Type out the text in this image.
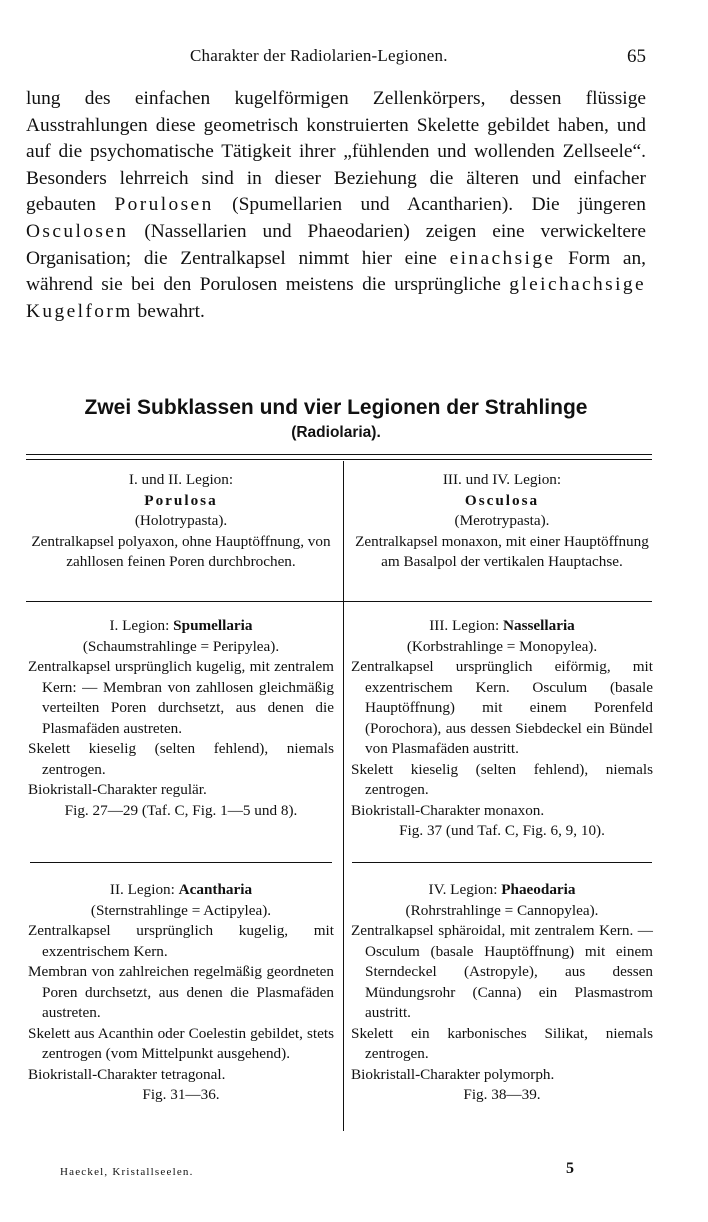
Charakter der Radiolarien-Legionen.	65

lung des einfachen kugelförmigen Zellenkörpers, dessen flüssige Ausstrahlungen diese geometrisch konstruierten Skelette gebildet haben, und auf die psychomatische Tätigkeit ihrer „fühlenden und wollenden Zellseele“. Besonders lehrreich sind in dieser Beziehung die älteren und einfacher gebauten Porulosen (Spumellarien und Acantharien). Die jüngeren Osculosen (Nassellarien und Phaeodarien) zeigen eine verwickeltere Organisation; die Zentralkapsel nimmt hier eine einachsige Form an, während sie bei den Porulosen meistens die ursprüngliche gleichachsige Kugelform bewahrt.

Zwei Subklassen und vier Legionen der Strahlinge
(Radiolaria).

I. und II. Legion:

Porulosa

(Holotrypasta).

Zentralkapsel polyaxon, ohne Hauptöffnung, von zahllosen feinen Poren durchbrochen.

III. und IV. Legion:

Osculosa

(Merotrypasta).

Zentralkapsel monaxon, mit einer Hauptöffnung am Basalpol der vertikalen Hauptachse.

I. Legion: Spumellaria

(Schaumstrahlinge = Peripylea).

Zentralkapsel ursprünglich kugelig, mit zentralem Kern: — Membran von zahllosen gleichmäßig verteilten Poren durchsetzt, aus denen die Plasmafäden austreten.

Skelett kieselig (selten fehlend), niemals zentrogen.

Biokristall-Charakter regulär.

Fig. 27—29 (Taf. C, Fig. 1—5 und 8).

III. Legion: Nassellaria

(Korbstrahlinge = Monopylea).

Zentralkapsel ursprünglich eiförmig, mit exzentrischem Kern. Osculum (basale Hauptöffnung) mit einem Porenfeld (Porochora), aus dessen Siebdeckel ein Bündel von Plasmafäden austritt.

Skelett kieselig (selten fehlend), niemals zentrogen.

Biokristall-Charakter monaxon.

Fig. 37 (und Taf. C, Fig. 6, 9, 10).

II. Legion: Acantharia

(Sternstrahlinge = Actipylea).

Zentralkapsel ursprünglich kugelig, mit exzentrischem Kern.

Membran von zahlreichen regelmäßig geordneten Poren durchsetzt, aus denen die Plasmafäden austreten.

Skelett aus Acanthin oder Coelestin gebildet, stets zentrogen (vom Mittelpunkt ausgehend).

Biokristall-Charakter tetragonal.

Fig. 31—36.

IV. Legion: Phaeodaria

(Rohrstrahlinge = Cannopylea).

Zentralkapsel sphäroidal, mit zentralem Kern. — Osculum (basale Hauptöffnung) mit einem Sterndeckel (Astropyle), aus dessen Mündungsrohr (Canna) ein Plasmastrom austritt.

Skelett ein karbonisches Silikat, niemals zentrogen.

Biokristall-Charakter polymorph.

Fig. 38—39.

Haeckel, Kristallseelen.	5
